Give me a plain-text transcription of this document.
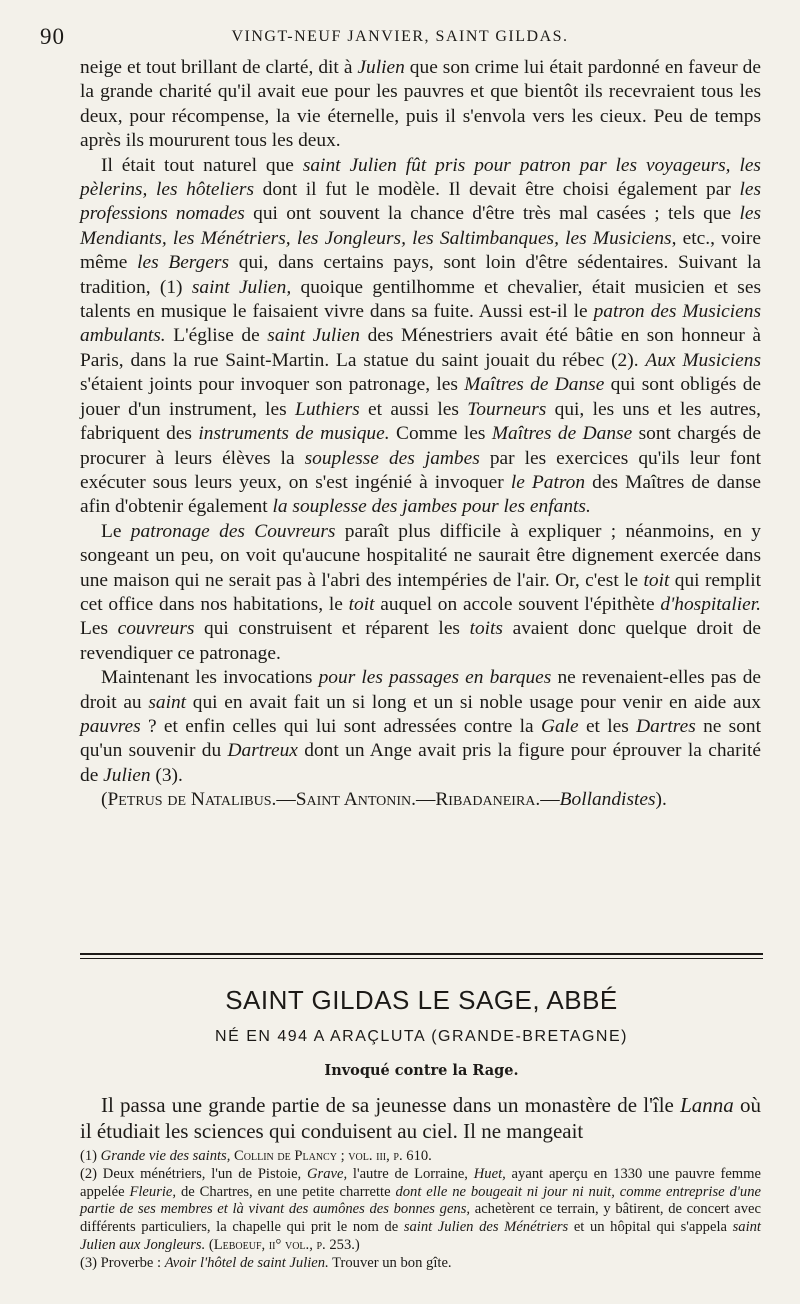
90	VINGT-NEUF JANVIER, SAINT GILDAS.

neige et tout brillant de clarté, dit à Julien que son crime lui était pardonné en faveur de la grande charité qu'il avait eue pour les pauvres et que bientôt ils recevraient tous les deux, pour récompense, la vie éternelle, puis il s'envola vers les cieux. Peu de temps après ils moururent tous les deux.

Il était tout naturel que saint Julien fût pris pour patron par les voyageurs, les pèlerins, les hôteliers dont il fut le modèle. Il devait être choisi également par les professions nomades qui ont souvent la chance d'être très mal casées ; tels que les Mendiants, les Ménétriers, les Jongleurs, les Saltimbanques, les Musiciens, etc., voire même les Bergers qui, dans certains pays, sont loin d'être sédentaires. Suivant la tradition, (1) saint Julien, quoique gentilhomme et chevalier, était musicien et ses talents en musique le faisaient vivre dans sa fuite. Aussi est-il le patron des Musiciens ambulants. L'église de saint Julien des Ménestriers avait été bâtie en son honneur à Paris, dans la rue Saint-Martin. La statue du saint jouait du rébec (2). Aux Musiciens s'étaient joints pour invoquer son patronage, les Maîtres de Danse qui sont obligés de jouer d'un instrument, les Luthiers et aussi les Tourneurs qui, les uns et les autres, fabriquent des instruments de musique. Comme les Maîtres de Danse sont chargés de procurer à leurs élèves la souplesse des jambes par les exercices qu'ils leur font exécuter sous leurs yeux, on s'est ingénié à invoquer le Patron des Maîtres de danse afin d'obtenir également la souplesse des jambes pour les enfants.

Le patronage des Couvreurs paraît plus difficile à expliquer ; néanmoins, en y songeant un peu, on voit qu'aucune hospitalité ne saurait être dignement exercée dans une maison qui ne serait pas à l'abri des intempéries de l'air. Or, c'est le toit qui remplit cet office dans nos habitations, le toit auquel on accole souvent l'épithète d'hospitalier. Les couvreurs qui construisent et réparent les toits avaient donc quelque droit de revendiquer ce patronage.

Maintenant les invocations pour les passages en barques ne revenaient-elles pas de droit au saint qui en avait fait un si long et un si noble usage pour venir en aide aux pauvres ? et enfin celles qui lui sont adressées contre la Gale et les Dartres ne sont qu'un souvenir du Dartreux dont un Ange avait pris la figure pour éprouver la charité de Julien (3).

(Petrus de Natalibus.—Saint Antonin.—Ribadaneira.—Bollandistes).

SAINT GILDAS LE SAGE, ABBÉ
NÉ EN 494 A ARAÇLUTA (GRANDE-BRETAGNE)
Invoqué contre la Rage.

Il passa une grande partie de sa jeunesse dans un monastère de l'île Lanna où il étudiait les sciences qui conduisent au ciel. Il ne mangeait

(1) Grande vie des saints, Collin de Plancy ; vol. iii, p. 610.

(2) Deux ménétriers, l'un de Pistoie, Grave, l'autre de Lorraine, Huet, ayant aperçu en 1330 une pauvre femme appelée Fleurie, de Chartres, en une petite charrette dont elle ne bougeait ni jour ni nuit, comme entreprise d'une partie de ses membres et là vivant des aumônes des bonnes gens, achetèrent ce terrain, y bâtirent, de concert avec différents particuliers, la chapelle qui prit le nom de saint Julien des Ménétriers et un hôpital qui s'appela saint Julien aux Jongleurs. (Leboeuf, ii° vol., p. 253.)

(3) Proverbe : Avoir l'hôtel de saint Julien. Trouver un bon gîte.
